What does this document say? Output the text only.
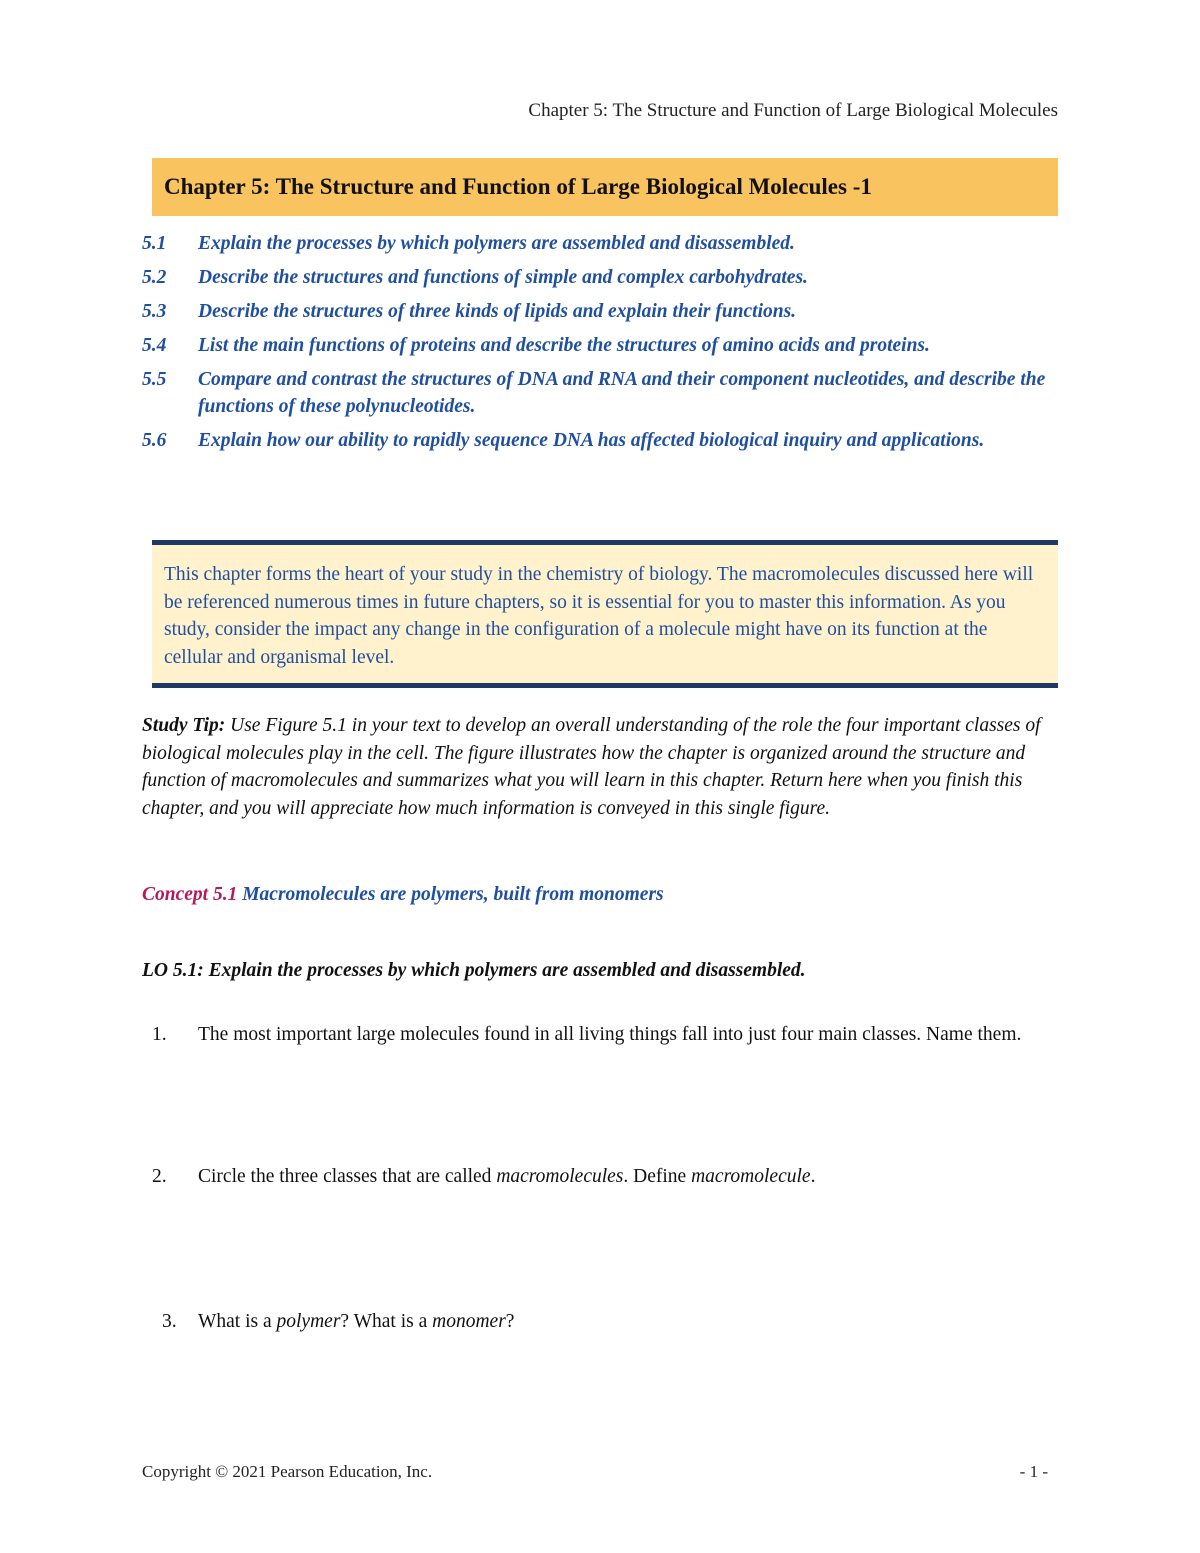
Chapter 5: The Structure and Function of Large Biological Molecules
Chapter 5: The Structure and Function of Large Biological Molecules -1
5.1	Explain the processes by which polymers are assembled and disassembled.
5.2	Describe the structures and functions of simple and complex carbohydrates.
5.3	Describe the structures of three kinds of lipids and explain their functions.
5.4	List the main functions of proteins and describe the structures of amino acids and proteins.
5.5	Compare and contrast the structures of DNA and RNA and their component nucleotides, and describe the functions of these polynucleotides.
5.6	Explain how our ability to rapidly sequence DNA has affected biological inquiry and applications.
This chapter forms the heart of your study in the chemistry of biology. The macromolecules discussed here will be referenced numerous times in future chapters, so it is essential for you to master this information. As you study, consider the impact any change in the configuration of a molecule might have on its function at the cellular and organismal level.

Study Tip: Use Figure 5.1 in your text to develop an overall understanding of the role the four important classes of biological molecules play in the cell. The figure illustrates how the chapter is organized around the structure and function of macromolecules and summarizes what you will learn in this chapter. Return here when you finish this chapter, and you will appreciate how much information is conveyed in this single figure.

Concept 5.1 Macromolecules are polymers, built from monomers
LO 5.1: Explain the processes by which polymers are assembled and disassembled.
1.	The most important large molecules found in all living things fall into just four main classes. Name them.
2.	Circle the three classes that are called macromolecules. Define macromolecule.
3.	What is a polymer? What is a monomer?
Copyright © 2021 Pearson Education, Inc.	- 1 -
